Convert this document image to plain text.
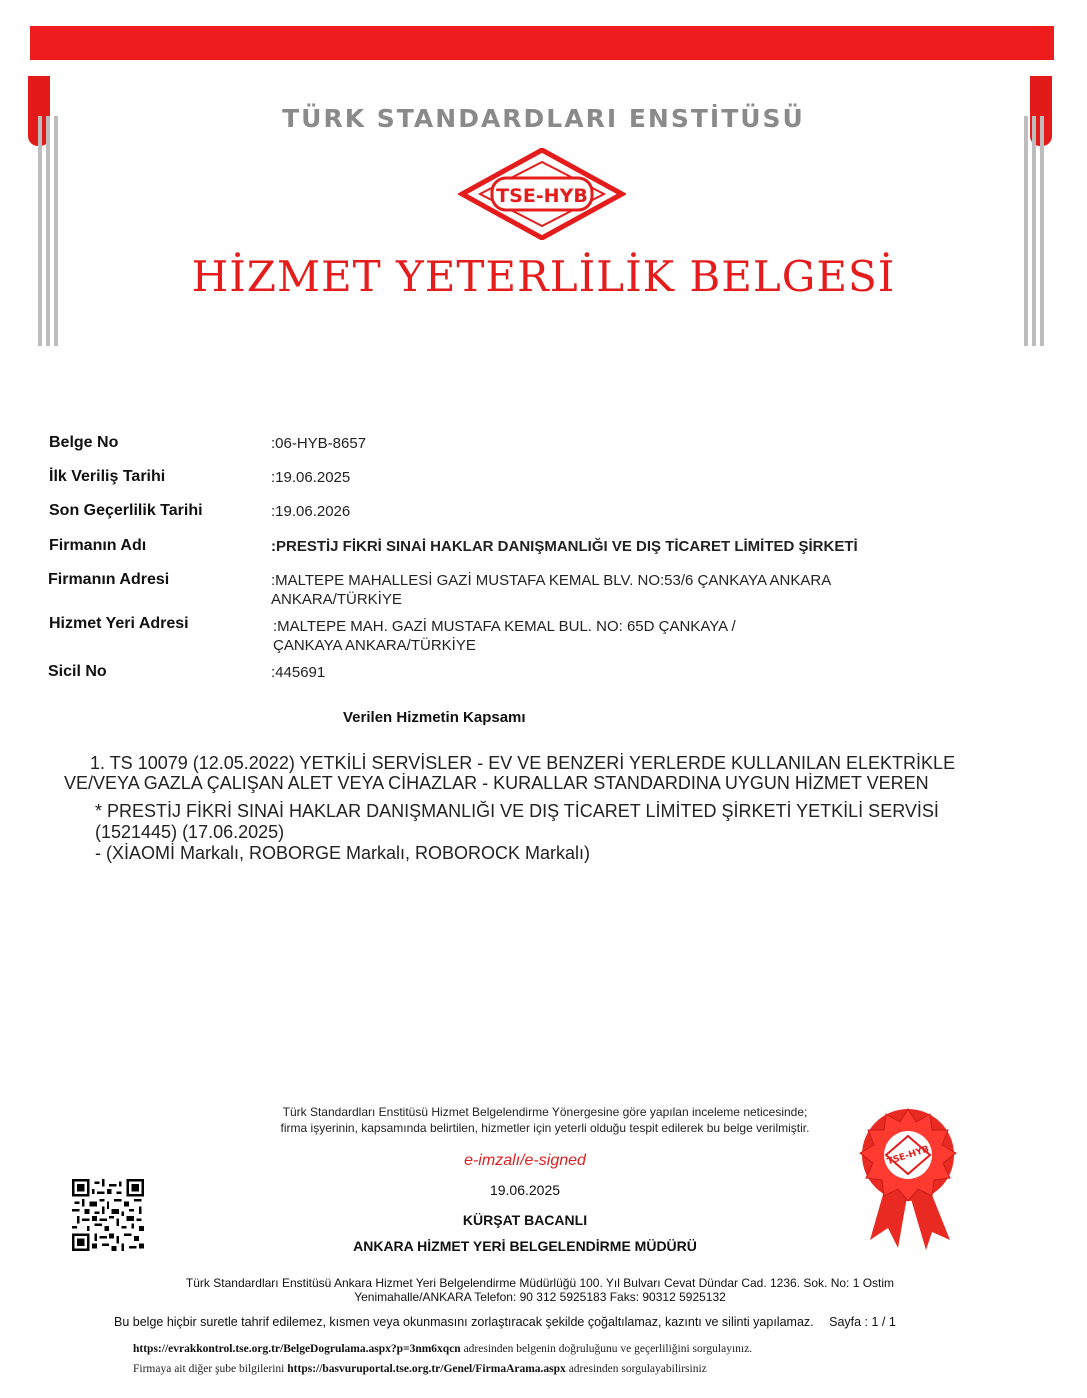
TÜRK STANDARDLARI ENSTİTÜSÜ
TSE-HYB
HİZMET YETERLİLİK BELGESİ
Belge No	:06-HYB-8657
İlk Veriliş Tarihi	:19.06.2025
Son Geçerlilik Tarihi	:19.06.2026
Firmanın Adı	:PRESTİJ FİKRİ SINAİ HAKLAR DANIŞMANLIĞI VE DIŞ TİCARET LİMİTED ŞİRKETİ
Firmanın Adresi	:MALTEPE MAHALLESİ GAZİ MUSTAFA KEMAL BLV. NO:53/6 ÇANKAYA ANKARA
ANKARA/TÜRKİYE
Hizmet Yeri Adresi	:MALTEPE MAH. GAZİ MUSTAFA KEMAL BUL. NO: 65D ÇANKAYA /
ÇANKAYA ANKARA/TÜRKİYE
Sicil No	:445691
Verilen Hizmetin Kapsamı
1. TS 10079 (12.05.2022) YETKİLİ SERVİSLER - EV VE BENZERİ YERLERDE KULLANILAN ELEKTRİKLE
VE/VEYA GAZLA ÇALIŞAN ALET VEYA CİHAZLAR - KURALLAR STANDARDINA UYGUN HİZMET VEREN
* PRESTİJ FİKRİ SINAİ HAKLAR DANIŞMANLIĞI VE DIŞ TİCARET LİMİTED ŞİRKETİ YETKİLİ SERVİSİ
(1521445) (17.06.2025)
- (XİAOMİ Markalı, ROBORGE Markalı, ROBOROCK Markalı)
Türk Standardları Enstitüsü Hizmet Belgelendirme Yönergesine göre yapılan inceleme neticesinde;
firma işyerinin, kapsamında belirtilen, hizmetler için yeterli olduğu tespit edilerek bu belge verilmiştir.
e-imzalı/e-signed
19.06.2025
KÜRŞAT BACANLI
ANKARA HİZMET YERİ BELGELENDİRME MÜDÜRÜ
TSE-HYB
Türk Standardları Enstitüsü Ankara Hizmet Yeri Belgelendirme Müdürlüğü 100. Yıl Bulvarı Cevat Dündar Cad. 1236. Sok. No: 1 Ostim
Yenimahalle/ANKARA Telefon: 90 312 5925183 Faks: 90312 5925132
Bu belge hiçbir suretle tahrif edilemez, kısmen veya okunmasını zorlaştıracak şekilde çoğaltılamaz, kazıntı ve silinti yapılamaz. Sayfa : 1 / 1
https://evrakkontrol.tse.org.tr/BelgeDogrulama.aspx?p=3nm6xqcn adresinden belgenin doğruluğunu ve geçerliliğini sorgulayınız.
Firmaya ait diğer şube bilgilerini https://basvuruportal.tse.org.tr/Genel/FirmaArama.aspx adresinden sorgulayabilirsiniz
